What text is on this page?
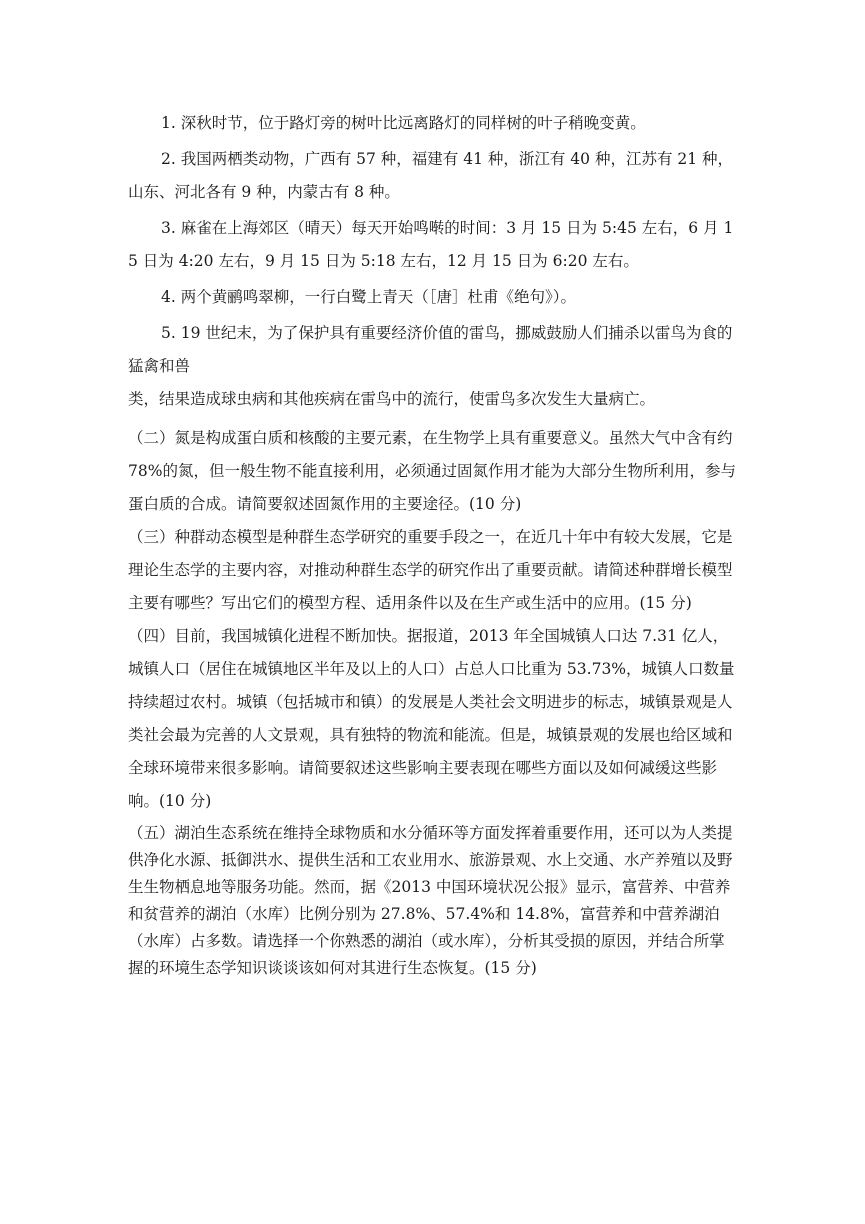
1. 深秋时节，位于路灯旁的树叶比远离路灯的同样树的叶子稍晚变黄。

2. 我国两栖类动物，广西有 57 种，福建有 41 种，浙江有 40 种，江苏有 21 种，山东、河北各有 9 种，内蒙古有 8 种。

3. 麻雀在上海郊区（晴天）每天开始鸣啭的时间：3 月 15 日为 5:45 左右，6 月 15 日为 4:20 左右，9 月 15 日为 5:18 左右，12 月 15 日为 6:20 左右。

4. 两个黄鹂鸣翠柳，一行白鹭上青天（［唐］杜甫《绝句》）。

5. 19 世纪末，为了保护具有重要经济价值的雷鸟，挪威鼓励人们捕杀以雷鸟为食的猛禽和兽

类，结果造成球虫病和其他疾病在雷鸟中的流行，使雷鸟多次发生大量病亡。

（二）氮是构成蛋白质和核酸的主要元素，在生物学上具有重要意义。虽然大气中含有约78%的氮，但一般生物不能直接利用，必须通过固氮作用才能为大部分生物所利用，参与蛋白质的合成。请简要叙述固氮作用的主要途径。(10 分)

（三）种群动态模型是种群生态学研究的重要手段之一，在近几十年中有较大发展，它是理论生态学的主要内容，对推动种群生态学的研究作出了重要贡献。请简述种群增长模型主要有哪些？写出它们的模型方程、适用条件以及在生产或生活中的应用。(15 分)

（四）目前，我国城镇化进程不断加快。据报道，2013 年全国城镇人口达 7.31 亿人，城镇人口（居住在城镇地区半年及以上的人口）占总人口比重为 53.73%，城镇人口数量持续超过农村。城镇（包括城市和镇）的发展是人类社会文明进步的标志，城镇景观是人类社会最为完善的人文景观，具有独特的物流和能流。但是，城镇景观的发展也给区域和全球环境带来很多影响。请简要叙述这些影响主要表现在哪些方面以及如何减缓这些影响。(10 分)

（五）湖泊生态系统在维持全球物质和水分循环等方面发挥着重要作用，还可以为人类提供净化水源、抵御洪水、提供生活和工农业用水、旅游景观、水上交通、水产养殖以及野生生物栖息地等服务功能。然而，据《2013 中国环境状况公报》显示，富营养、中营养和贫营养的湖泊（水库）比例分别为 27.8%、57.4%和 14.8%，富营养和中营养湖泊（水库）占多数。请选择一个你熟悉的湖泊（或水库），分析其受损的原因，并结合所掌握的环境生态学知识谈谈该如何对其进行生态恢复。(15 分)
